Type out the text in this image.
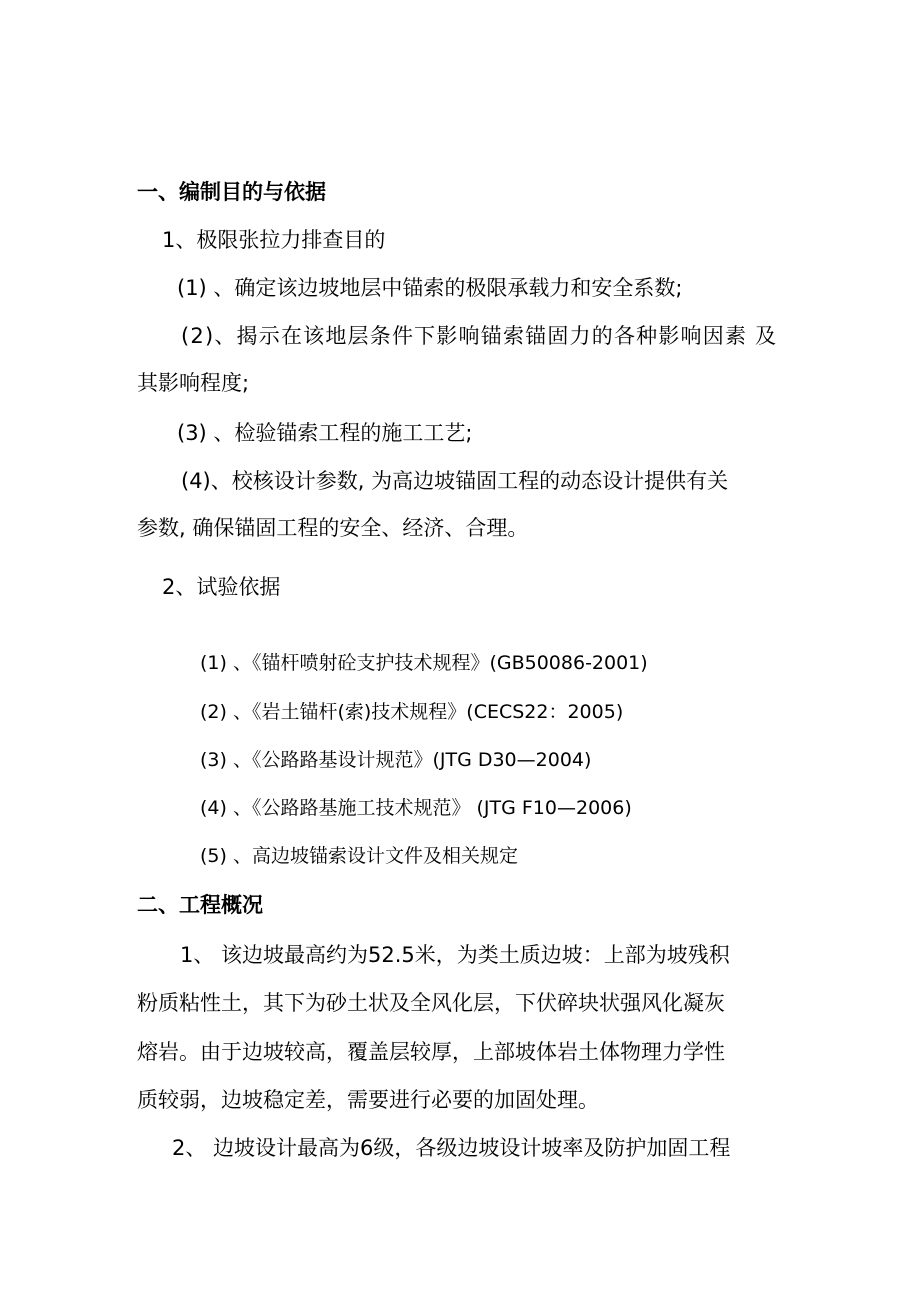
一、编制目的与依据
1、极限张拉力排查目的
(1) 、确定该边坡地层中锚索的极限承载力和安全系数;
(2)、揭示在该地层条件下影响锚索锚固力的各种影响因素 及
其影响程度;
(3) 、检验锚索工程的施工工艺;
(4)、校核设计参数, 为高边坡锚固工程的动态设计提供有关
参数, 确保锚固工程的安全、经济、合理。
2、试验依据
(1) 、《锚杆喷射砼支护技术规程》(GB50086-2001)
(2) 、《岩土锚杆(索)技术规程》(CECS22：2005)
(3) 、《公路路基设计规范》(JTG D30—2004)
(4) 、《公路路基施工技术规范》 (JTG F10—2006)
(5) 、高边坡锚索设计文件及相关规定
二、工程概况
1、 该边坡最高约为52.5米，为类土质边坡：上部为坡残积
粉质粘性土，其下为砂土状及全风化层，下伏碎块状强风化凝灰
熔岩。由于边坡较高，覆盖层较厚，上部坡体岩土体物理力学性
质较弱，边坡稳定差，需要进行必要的加固处理。
2、 边坡设计最高为6级，各级边坡设计坡率及防护加固工程
